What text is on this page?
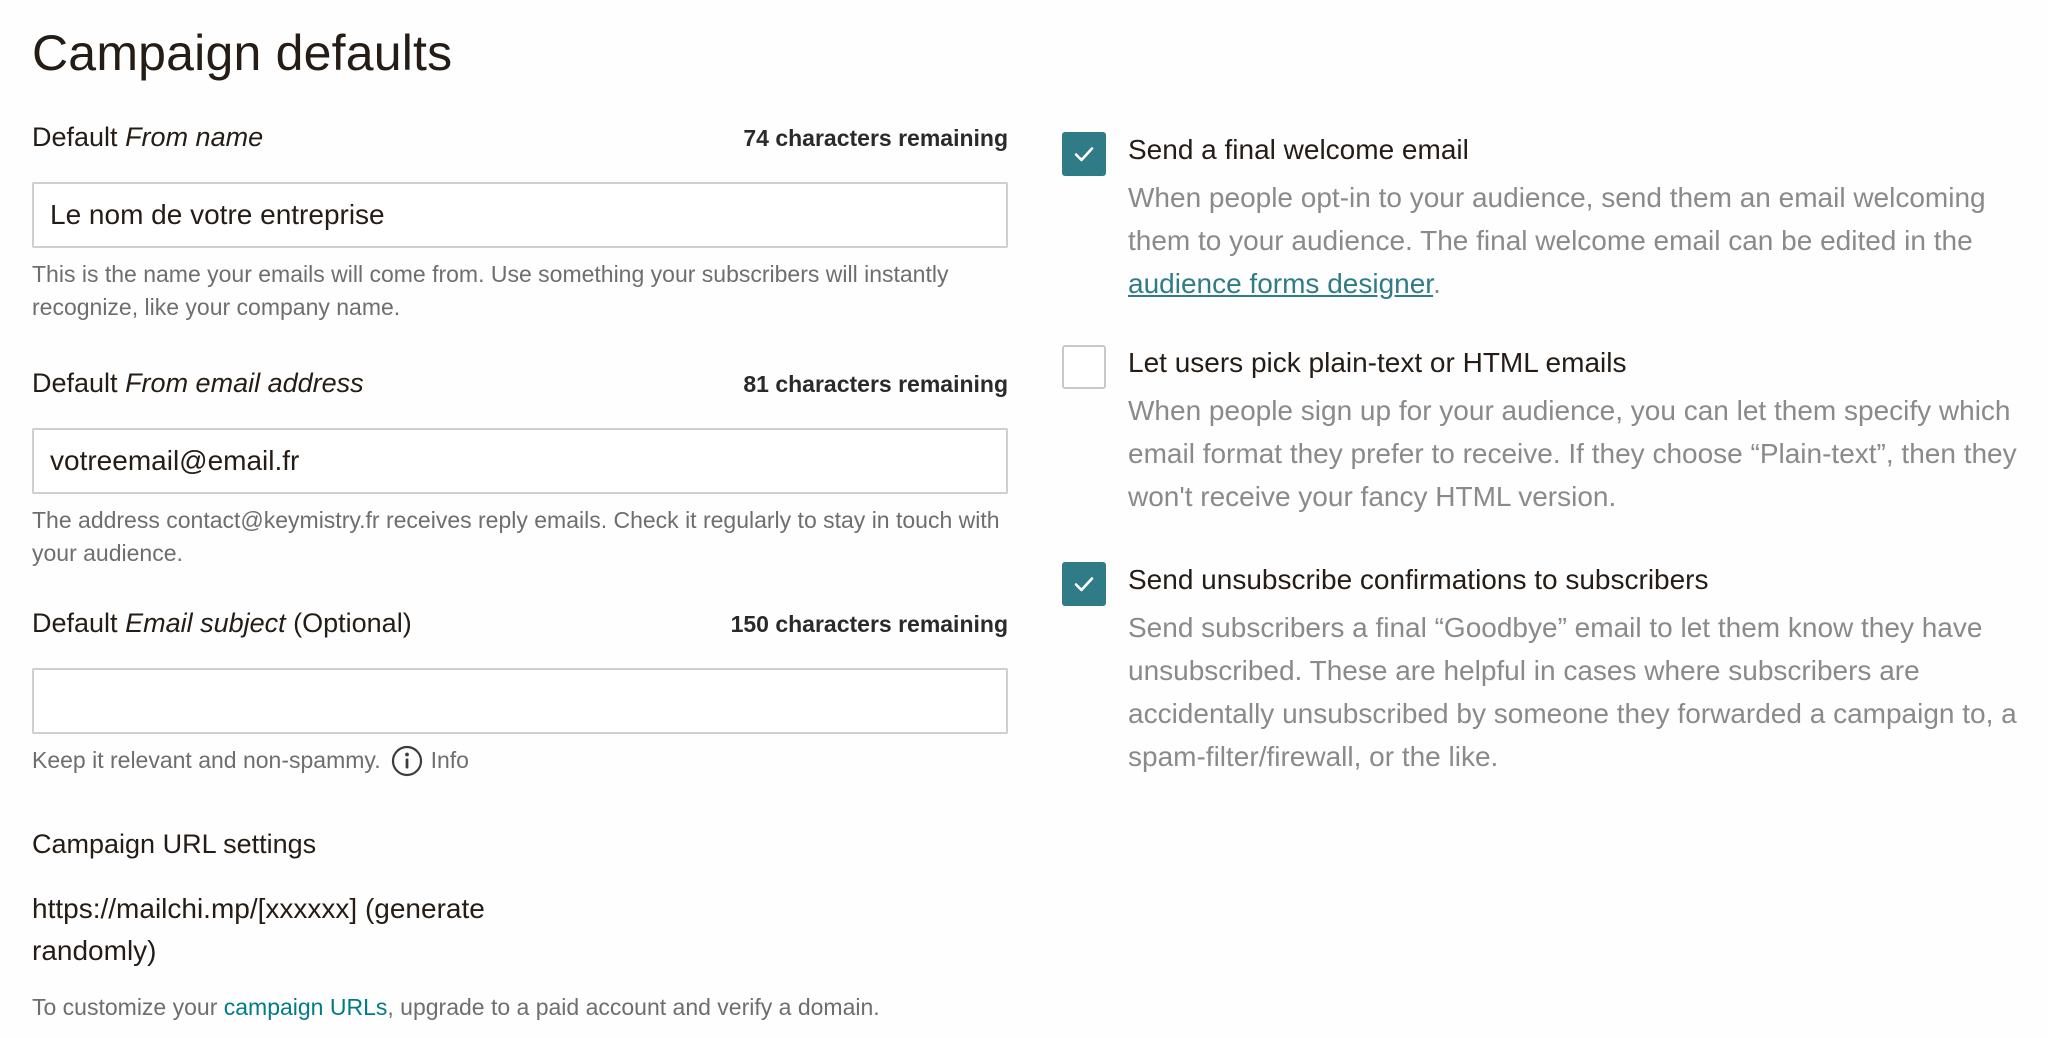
Campaign defaults
Default From name	74 characters remaining
Le nom de votre entreprise
This is the name your emails will come from. Use something your subscribers will instantly recognize, like your company name.
Default From email address	81 characters remaining
votreemail@email.fr
The address contact@keymistry.fr receives reply emails. Check it regularly to stay in touch with your audience.
Default Email subject (Optional)	150 characters remaining
Keep it relevant and non-spammy. Info
Campaign URL settings
https://mailchi.mp/[xxxxxx] (generate randomly)
To customize your campaign URLs, upgrade to a paid account and verify a domain.
Send a final welcome email
When people opt-in to your audience, send them an email welcoming them to your audience. The final welcome email can be edited in the audience forms designer.
Let users pick plain-text or HTML emails
When people sign up for your audience, you can let them specify which email format they prefer to receive. If they choose “Plain-text”, then they won't receive your fancy HTML version.
Send unsubscribe confirmations to subscribers
Send subscribers a final “Goodbye” email to let them know they have unsubscribed. These are helpful in cases where subscribers are accidentally unsubscribed by someone they forwarded a campaign to, a spam-filter/firewall, or the like.
